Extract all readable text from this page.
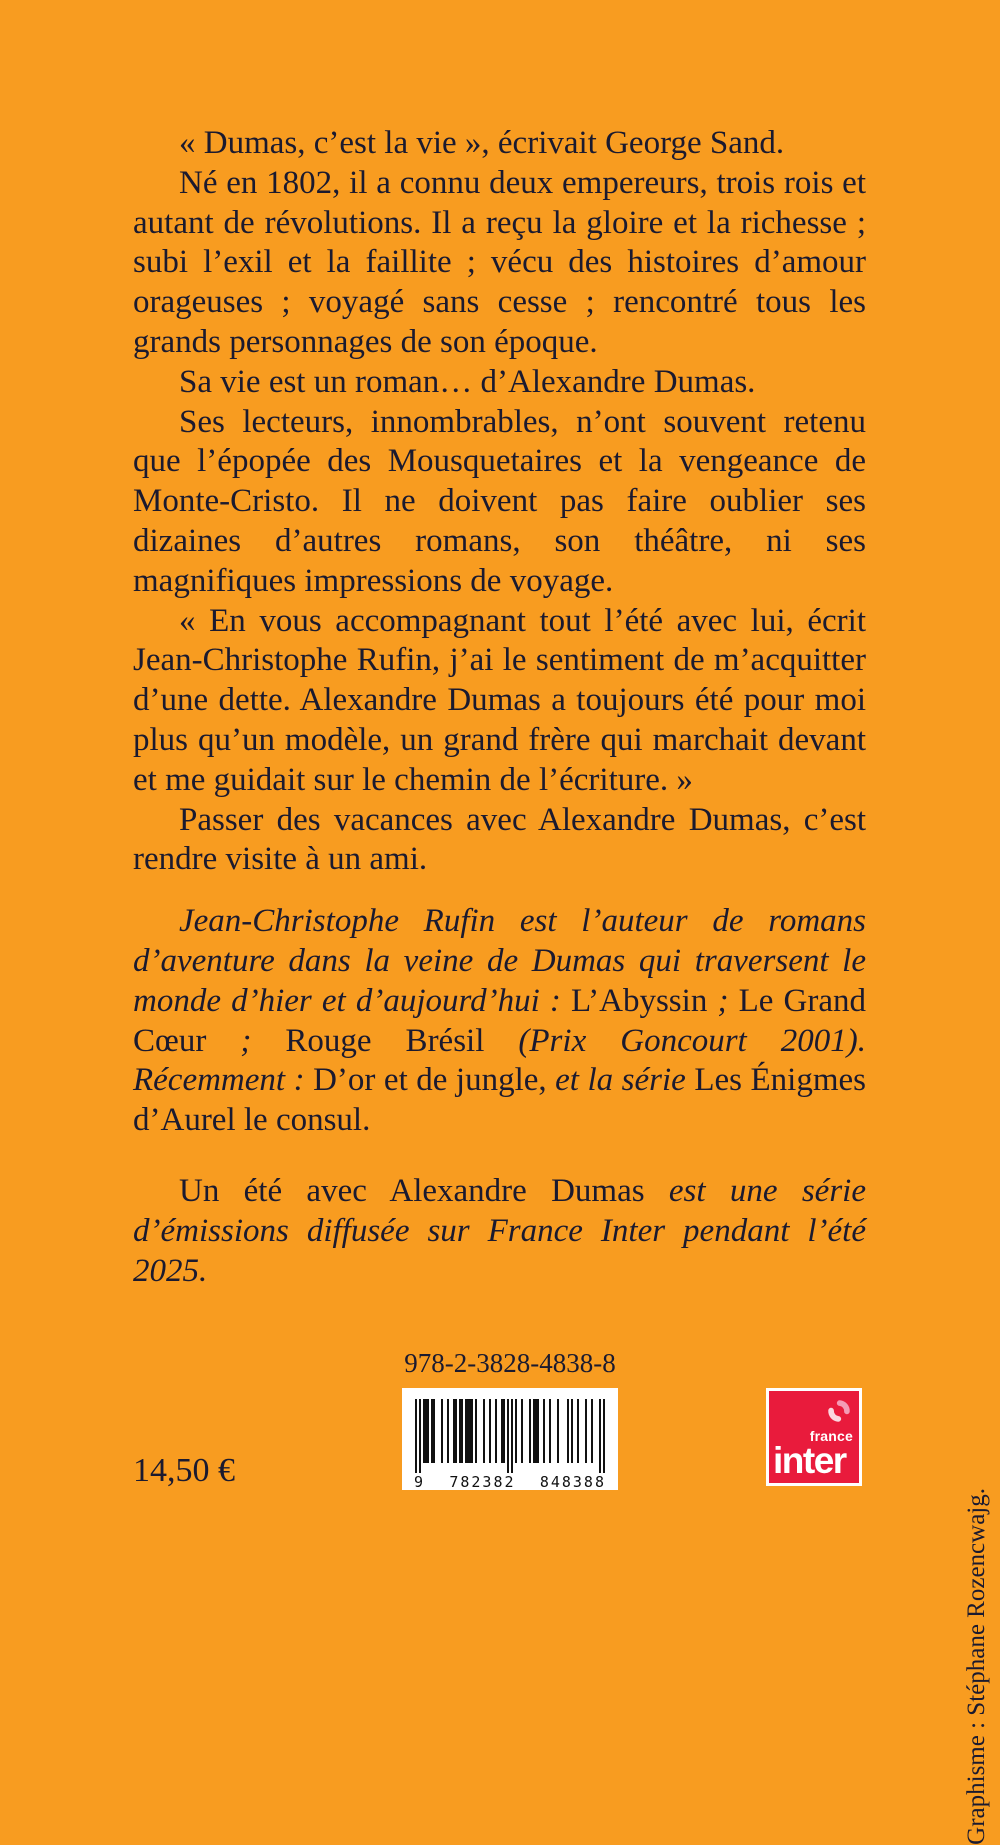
« Dumas, c’est la vie », écrivait George Sand.

Né en 1802, il a connu deux empereurs, trois rois et autant de révolutions. Il a reçu la gloire et la richesse ; subi l’exil et la faillite ; vécu des histoires d’amour orageuses ; voyagé sans cesse ; rencontré tous les grands personnages de son époque.

Sa vie est un roman… d’Alexandre Dumas.

Ses lecteurs, innombrables, n’ont souvent retenu que l’épopée des Mousquetaires et la vengeance de Monte-Cristo. Il ne doivent pas faire oublier ses dizaines d’autres romans, son théâtre, ni ses magnifiques impressions de voyage.

« En vous accompagnant tout l’été avec lui, écrit Jean-Christophe Rufin, j’ai le sentiment de m’acquitter d’une dette. Alexandre Dumas a toujours été pour moi plus qu’un modèle, un grand frère qui marchait devant et me guidait sur le chemin de l’écriture. »

Passer des vacances avec Alexandre Dumas, c’est rendre visite à un ami.

Jean-Christophe Rufin est l’auteur de romans d’aventure dans la veine de Dumas qui traversent le monde d’hier et d’aujourd’hui : L’Abyssin ; Le Grand Cœur ; Rouge Brésil (Prix Goncourt 2001). Récemment : D’or et de jungle, et la série Les Énigmes d’Aurel le consul.

Un été avec Alexandre Dumas est une série d’émissions diffusée sur France Inter pendant l’été 2025.

14,50 €
978-2-3828-4838-8
9 782382 848388
france
inter
Graphisme : Stéphane Rozencwajg.
